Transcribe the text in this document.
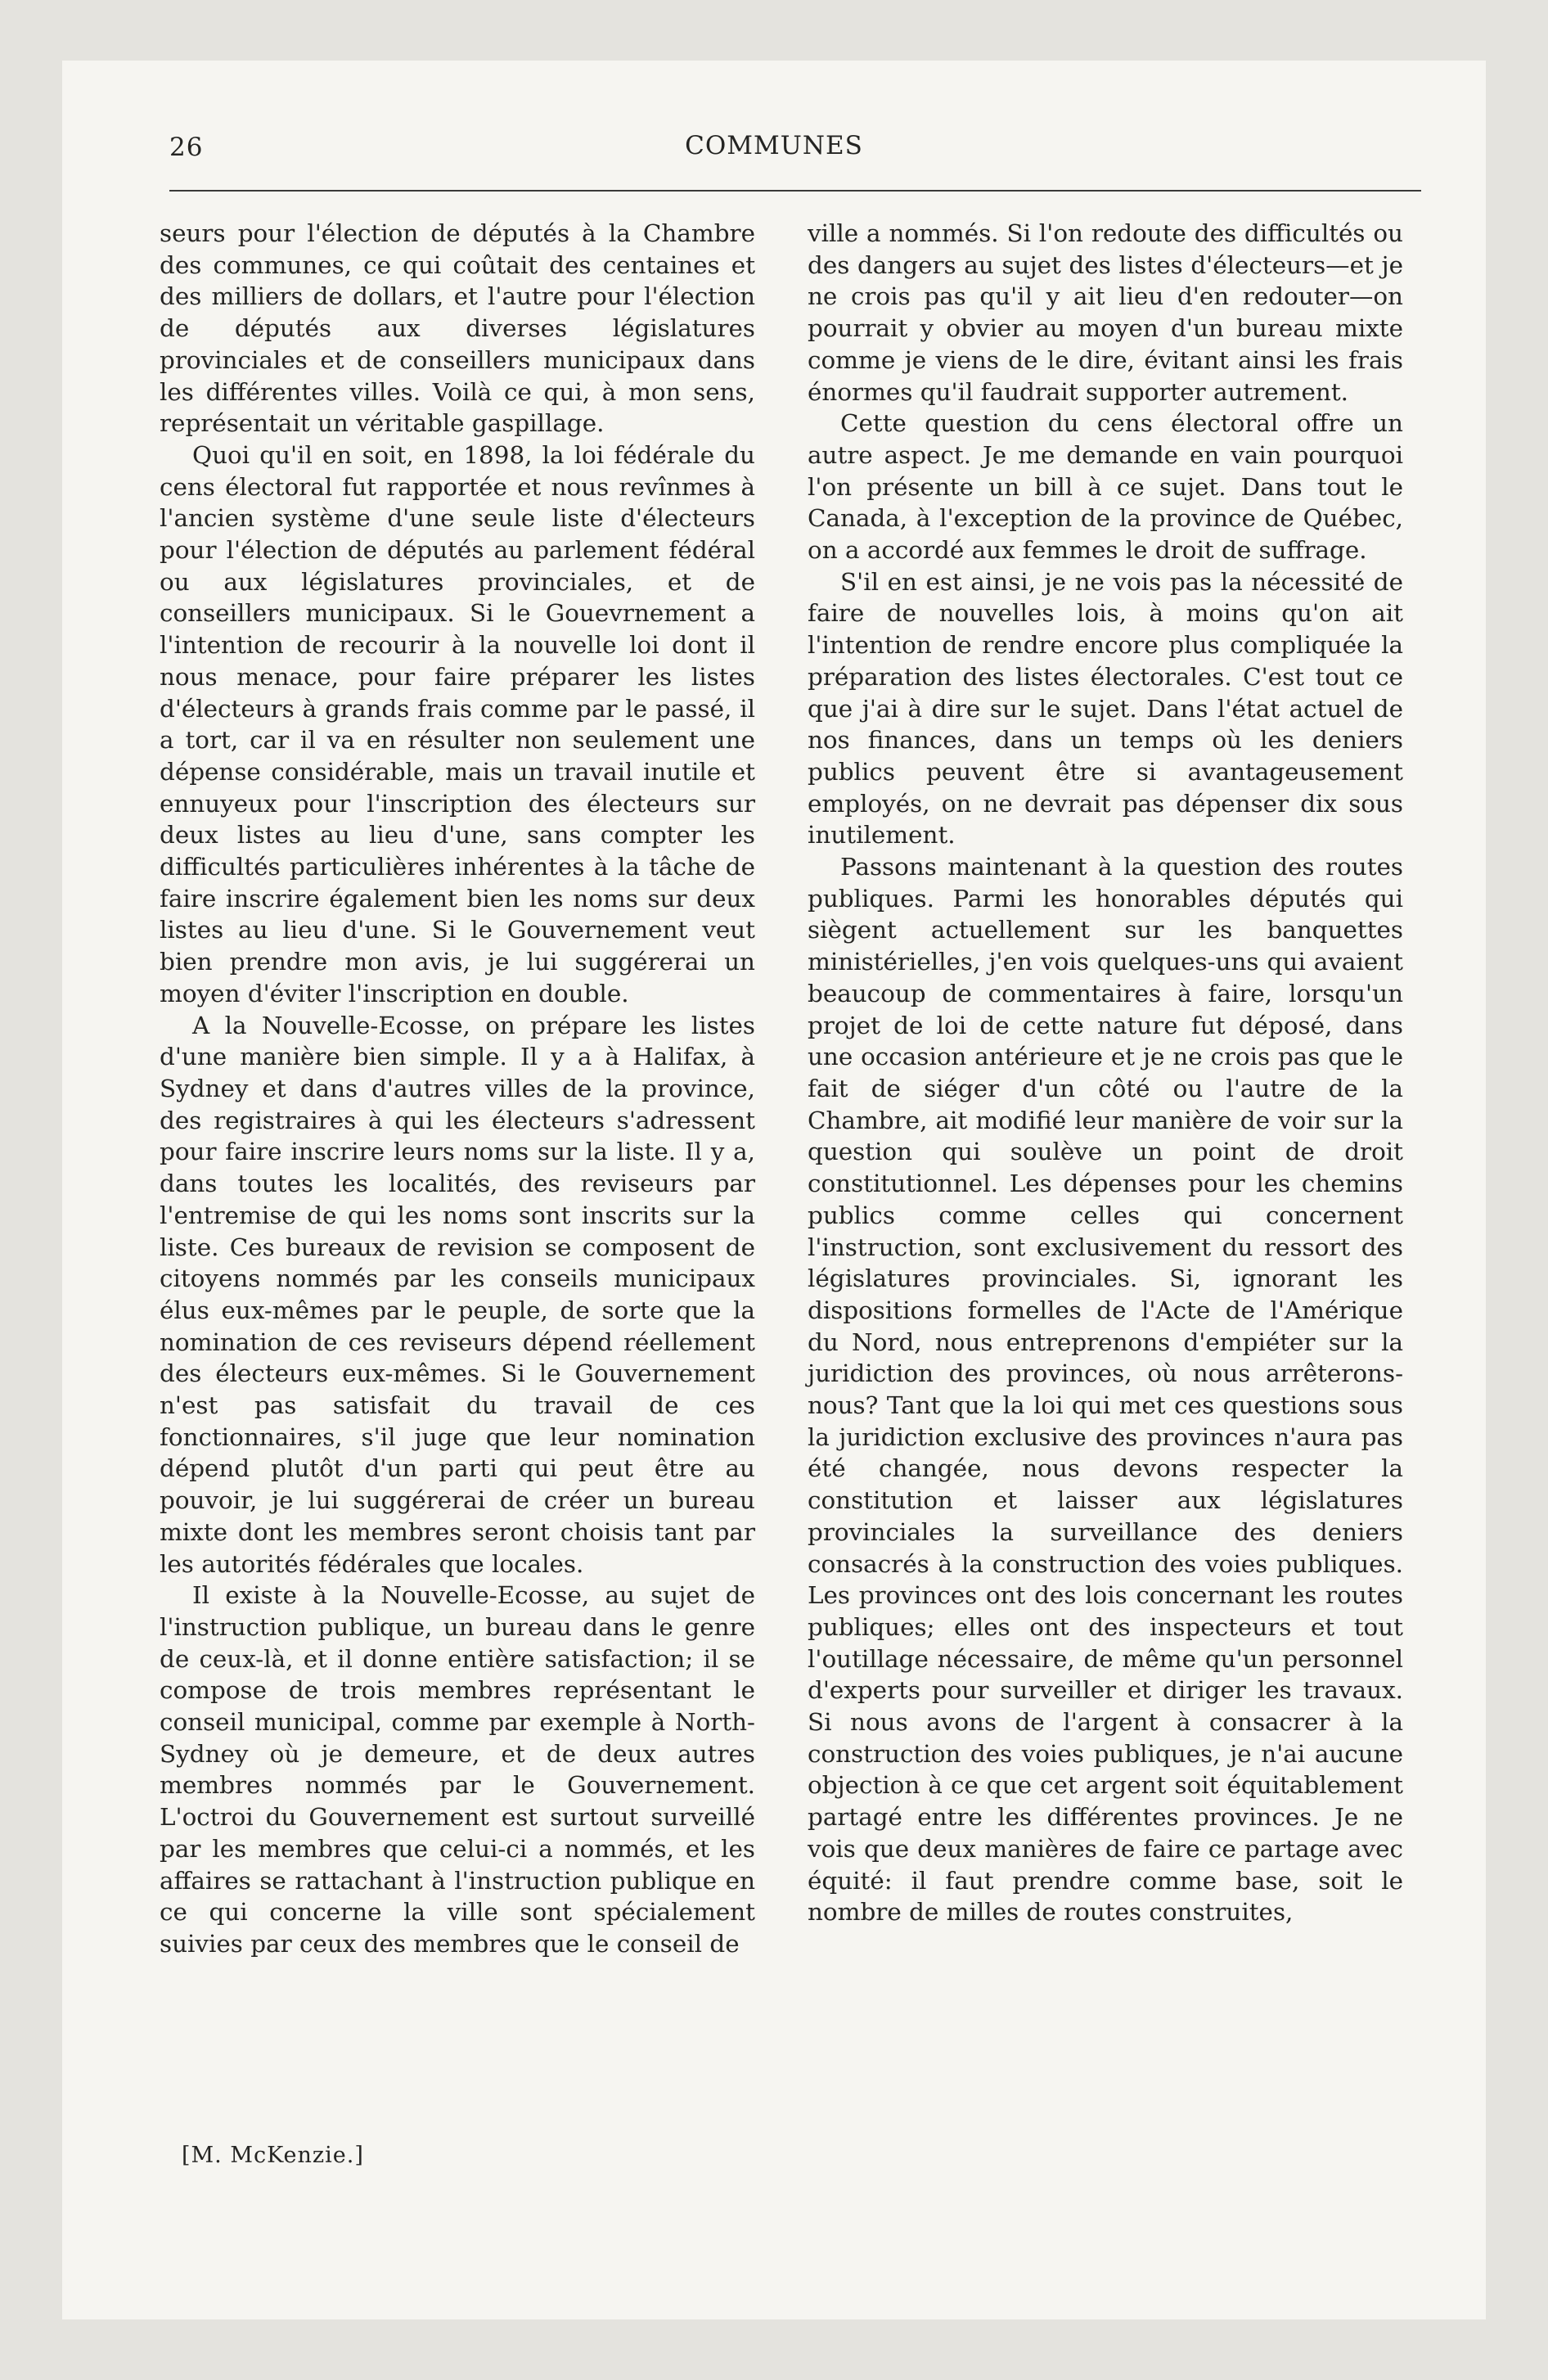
26	COMMUNES

seurs pour l'élection de députés à la Chambre des communes, ce qui coûtait des centaines et des milliers de dollars, et l'autre pour l'élection de députés aux diverses législatures provinciales et de conseillers municipaux dans les différentes villes. Voilà ce qui, à mon sens, représentait un véritable gaspillage.

Quoi qu'il en soit, en 1898, la loi fédérale du cens électoral fut rapportée et nous revînmes à l'ancien système d'une seule liste d'électeurs pour l'élection de députés au parlement fédéral ou aux législatures provinciales, et de conseillers municipaux. Si le Gouevrnement a l'intention de recourir à la nouvelle loi dont il nous menace, pour faire préparer les listes d'électeurs à grands frais comme par le passé, il a tort, car il va en résulter non seulement une dépense considérable, mais un travail inutile et ennuyeux pour l'inscription des électeurs sur deux listes au lieu d'une, sans compter les difficultés particulières inhérentes à la tâche de faire inscrire également bien les noms sur deux listes au lieu d'une. Si le Gouvernement veut bien prendre mon avis, je lui suggérerai un moyen d'éviter l'inscription en double.

A la Nouvelle-Ecosse, on prépare les listes d'une manière bien simple. Il y a à Halifax, à Sydney et dans d'autres villes de la province, des registraires à qui les électeurs s'adressent pour faire inscrire leurs noms sur la liste. Il y a, dans toutes les localités, des reviseurs par l'entremise de qui les noms sont inscrits sur la liste. Ces bureaux de revision se composent de citoyens nommés par les conseils municipaux élus eux-mêmes par le peuple, de sorte que la nomination de ces reviseurs dépend réellement des électeurs eux-mêmes. Si le Gouvernement n'est pas satisfait du travail de ces fonctionnaires, s'il juge que leur nomination dépend plutôt d'un parti qui peut être au pouvoir, je lui suggérerai de créer un bureau mixte dont les membres seront choisis tant par les autorités fédérales que locales.

Il existe à la Nouvelle-Ecosse, au sujet de l'instruction publique, un bureau dans le genre de ceux-là, et il donne entière satisfaction; il se compose de trois membres représentant le conseil municipal, comme par exemple à North-Sydney où je demeure, et de deux autres membres nommés par le Gouvernement. L'octroi du Gouvernement est surtout surveillé par les membres que celui-ci a nommés, et les affaires se rattachant à l'instruction publique en ce qui concerne la ville sont spécialement suivies par ceux des membres que le conseil de

ville a nommés. Si l'on redoute des difficultés ou des dangers au sujet des listes d'électeurs—et je ne crois pas qu'il y ait lieu d'en redouter—on pourrait y obvier au moyen d'un bureau mixte comme je viens de le dire, évitant ainsi les frais énormes qu'il faudrait supporter autrement.

Cette question du cens électoral offre un autre aspect. Je me demande en vain pourquoi l'on présente un bill à ce sujet. Dans tout le Canada, à l'exception de la province de Québec, on a accordé aux femmes le droit de suffrage.

S'il en est ainsi, je ne vois pas la nécessité de faire de nouvelles lois, à moins qu'on ait l'intention de rendre encore plus compliquée la préparation des listes électorales. C'est tout ce que j'ai à dire sur le sujet. Dans l'état actuel de nos finances, dans un temps où les deniers publics peuvent être si avantageusement employés, on ne devrait pas dépenser dix sous inutilement.

Passons maintenant à la question des routes publiques. Parmi les honorables députés qui siègent actuellement sur les banquettes ministérielles, j'en vois quelques-uns qui avaient beaucoup de commentaires à faire, lorsqu'un projet de loi de cette nature fut déposé, dans une occasion antérieure et je ne crois pas que le fait de siéger d'un côté ou l'autre de la Chambre, ait modifié leur manière de voir sur la question qui soulève un point de droit constitutionnel. Les dépenses pour les chemins publics comme celles qui concernent l'instruction, sont exclusivement du ressort des législatures provinciales. Si, ignorant les dispositions formelles de l'Acte de l'Amérique du Nord, nous entreprenons d'empiéter sur la juridiction des provinces, où nous arrêterons-nous? Tant que la loi qui met ces questions sous la juridiction exclusive des provinces n'aura pas été changée, nous devons respecter la constitution et laisser aux législatures provinciales la surveillance des deniers consacrés à la construction des voies publiques. Les provinces ont des lois concernant les routes publiques; elles ont des inspecteurs et tout l'outillage nécessaire, de même qu'un personnel d'experts pour surveiller et diriger les travaux. Si nous avons de l'argent à consacrer à la construction des voies publiques, je n'ai aucune objection à ce que cet argent soit équitablement partagé entre les différentes provinces. Je ne vois que deux manières de faire ce partage avec équité: il faut prendre comme base, soit le nombre de milles de routes construites,

[M. McKenzie.]
